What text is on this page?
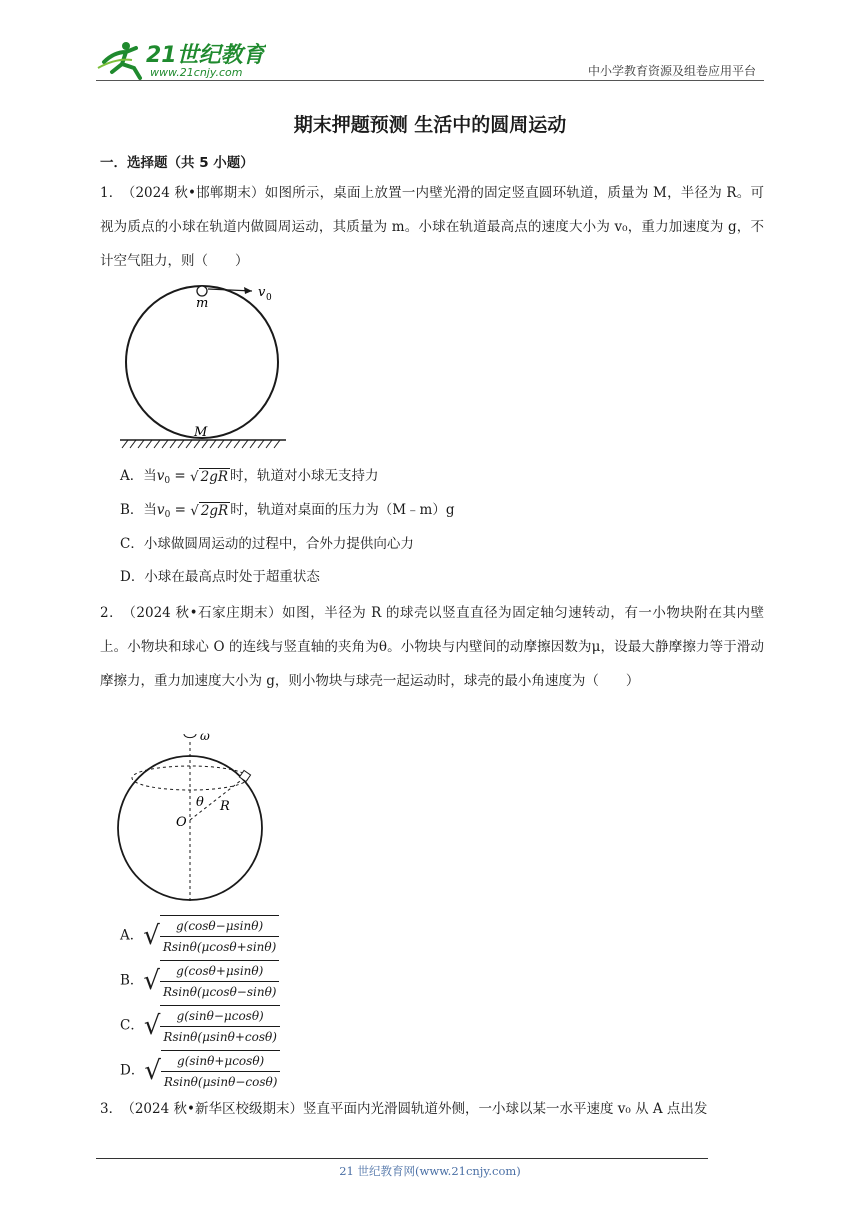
21世纪教育
www.21cnjy.com	中小学教育资源及组卷应用平台
期末押题预测 生活中的圆周运动
一．选择题（共 5 小题）
1． （2024 秋•邯郸期末）如图所示，桌面上放置一内壁光滑的固定竖直圆环轨道，质量为 M，半径为 R。可视为质点的小球在轨道内做圆周运动，其质量为 m。小球在轨道最高点的速度大小为 v₀，重力加速度为 g，不计空气阻力，则（　　）
m
v 0
M
A．当$v_0$ = √ 2gR 时，轨道对小球无支持力
B．当$v_0$ = √ 2gR 时，轨道对桌面的压力为（M﹣m）g
C．小球做圆周运动的过程中，合外力提供向心力
D．小球在最高点时处于超重状态
2． （2024 秋•石家庄期末）如图，半径为 R 的球壳以竖直直径为固定轴匀速转动，有一小物块附在其内壁上。小物块和球心 O 的连线与竖直轴的夹角为θ。小物块与内壁间的动摩擦因数为μ，设最大静摩擦力等于滑动摩擦力，重力加速度大小为 g，则小物块与球壳一起运动时，球壳的最小角速度为（　　）
ω
θ R
O
A．√ $\frac{g(\cos\theta-\mu\sin\theta)}{Rsin\theta(\mu\cos\theta+\sin\theta)}$
B．√ $\frac{g(\cos\theta+\mu\sin\theta)}{Rsin\theta(\mu\cos\theta-\sin\theta)}$
C．√ $\frac{g(\sin\theta-\mu\cos\theta)}{Rsin\theta(\mu\sin\theta+\cos\theta)}$
D．√ $\frac{g(\sin\theta+\mu\cos\theta)}{Rsin\theta(\mu\sin\theta-\cos\theta)}$
3． （2024 秋•新华区校级期末）竖直平面内光滑圆轨道外侧，一小球以某一水平速度 v₀ 从 A 点出发
21 世纪教育网(www.21cnjy.com)
